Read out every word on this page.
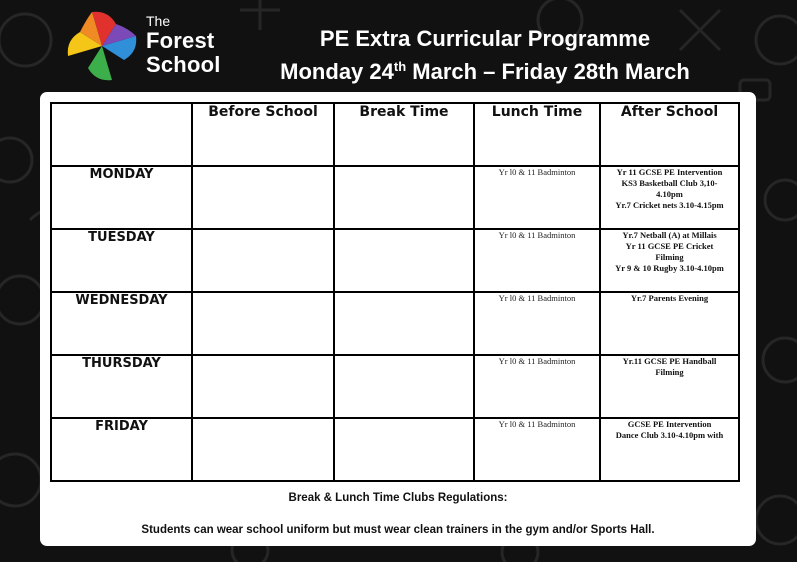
The
Forest
School
PE Extra Curricular Programme
Monday 24th March – Friday 28th March
	Before School	Break Time	Lunch Time	After School
MONDAY			Yr l0 & 11 Badminton	Yr 11 GCSE PE Intervention
KS3 Basketball Club 3,10-
4.10pm
Yr.7 Cricket nets 3.10-4.15pm

TUESDAY			Yr l0 & 11 Badminton	Yr.7 Netball (A) at Millais
Yr 11 GCSE PE Cricket
Filming
Yr 9 & 10 Rugby 3.10-4.10pm

WEDNESDAY			Yr l0 & 11 Badminton	Yr.7 Parents Evening

THURSDAY			Yr l0 & 11 Badminton	Yr.11 GCSE PE Handball
Filming

FRIDAY			Yr l0 & 11 Badminton	GCSE PE Intervention
Dance Club 3.10-4.10pm with
Break & Lunch Time Clubs Regulations:
Students can wear school uniform but must wear clean trainers in the gym and/or Sports Hall.
